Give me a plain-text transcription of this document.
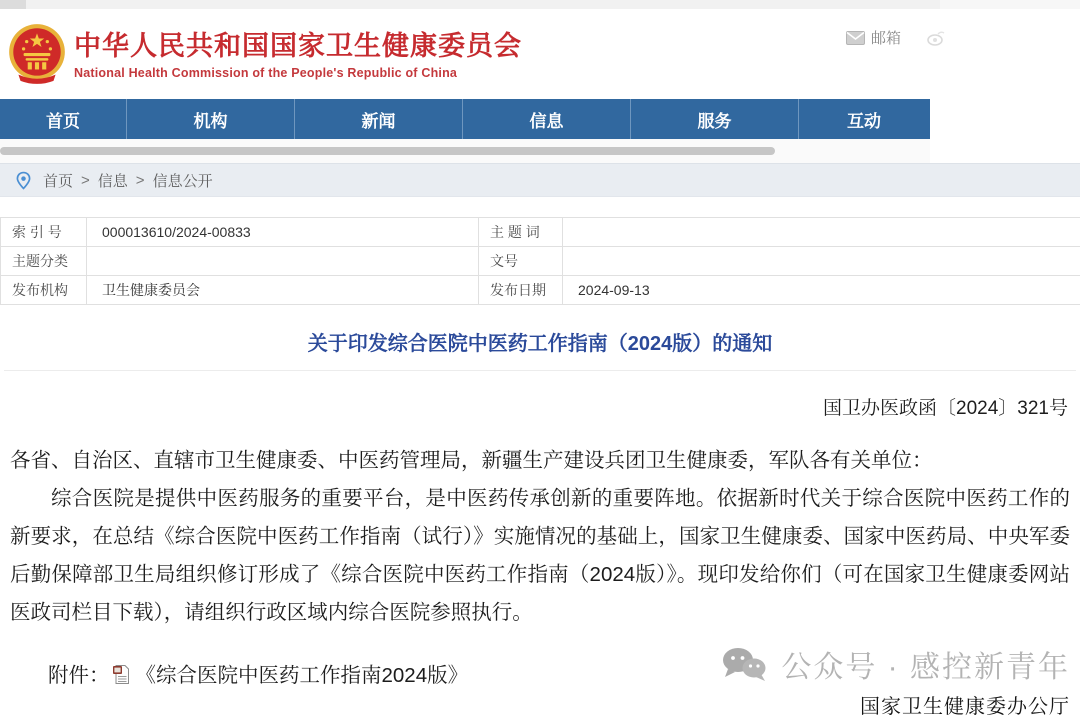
中华人民共和国国家卫生健康委员会
National Health Commission of the People's Republic of China
邮箱
首页	机构	新闻	信息	服务	互动
首页 > 信息 > 信息公开
索 引 号	000013610/2024-00833	主 题 词	
主题分类		文号	
发布机构	卫生健康委员会	发布日期	2024-09-13
关于印发综合医院中医药工作指南（2024版）的通知
国卫办医政函〔2024〕321号

各省、自治区、直辖市卫生健康委、中医药管理局，新疆生产建设兵团卫生健康委，军队各有关单位：

综合医院是提供中医药服务的重要平台，是中医药传承创新的重要阵地。依据新时代关于综合医院中医药工作的新要求，在总结《综合医院中医药工作指南（试行）》实施情况的基础上，国家卫生健康委、国家中医药局、中央军委后勤保障部卫生局组织修订形成了《综合医院中医药工作指南（2024版）》。现印发给你们（可在国家卫生健康委网站医政司栏目下载），请组织行政区域内综合医院参照执行。

附件： 《综合医院中医药工作指南2024版》	公众号 · 感控新青年
国家卫生健康委办公厅
